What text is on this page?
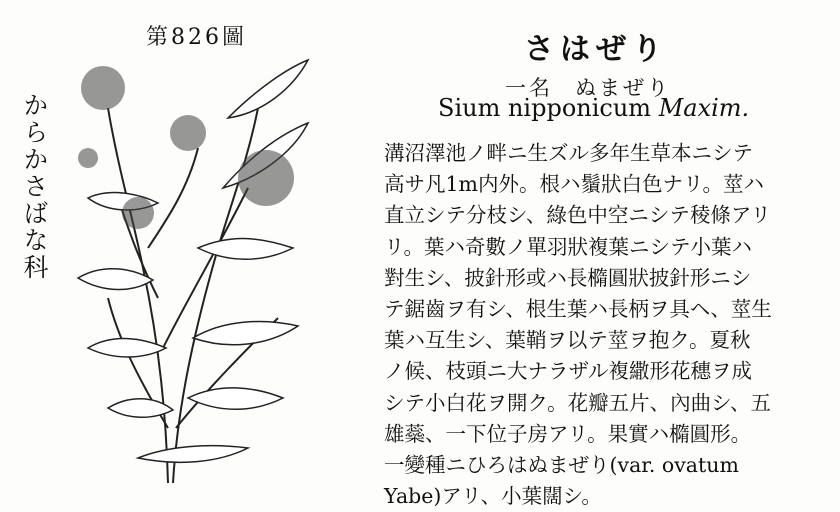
第826圖
からかさばな科
さはぜり
一名 ぬまぜり
Sium nipponicum Maxim.
溝沼澤池ノ畔ニ生ズル多年生草本ニシテ
高サ凡1m内外。根ハ鬚狀白色ナリ。莖ハ
直立シテ分枝シ、綠色中空ニシテ稜條アリ
リ。葉ハ奇數ノ單羽狀複葉ニシテ小葉ハ
對生シ、披針形或ハ長橢圓狀披針形ニシ
テ鋸齒ヲ有シ、根生葉ハ長柄ヲ具ヘ、莖生
葉ハ互生シ、葉鞘ヲ以テ莖ヲ抱ク。夏秋
ノ候、枝頭ニ大ナラザル複繖形花穗ヲ成
シテ小白花ヲ開ク。花瓣五片、內曲シ、五
雄蘂、一下位子房アリ。果實ハ橢圓形。
一變種ニひろはぬまぜり(var. ovatum
Yabe)アリ、小葉闊シ。
